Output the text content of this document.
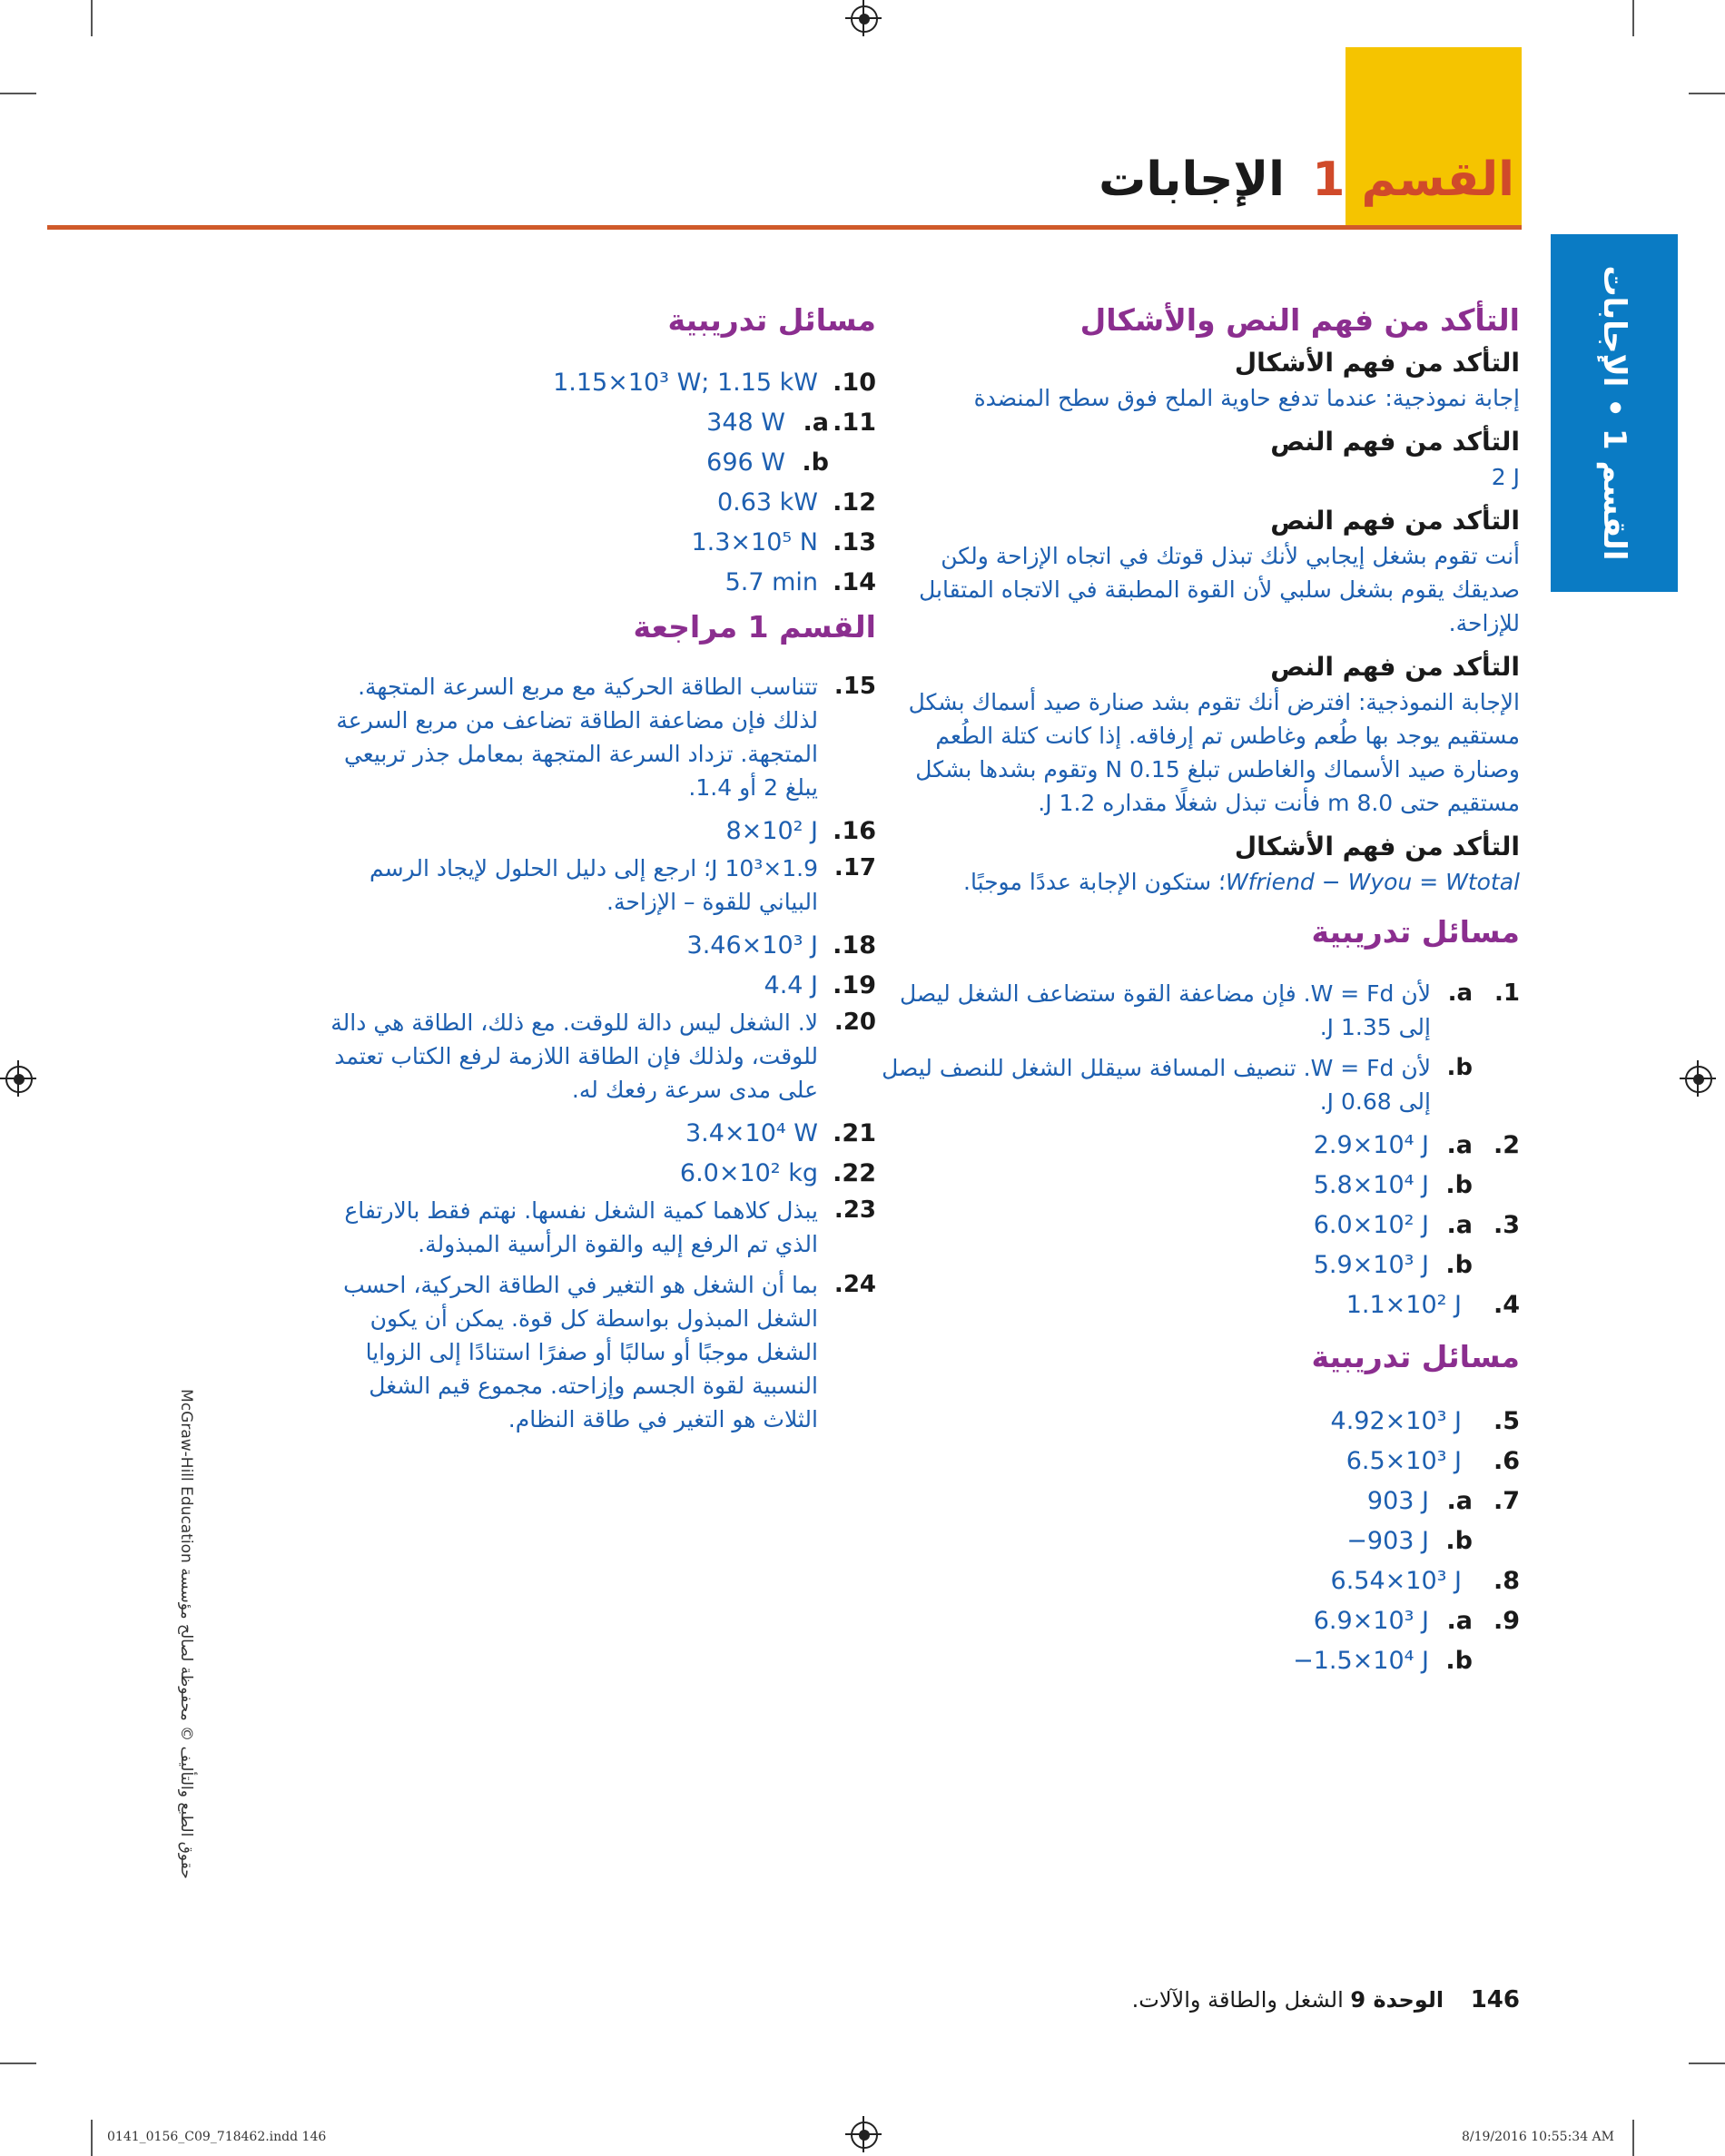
القسم 1
الإجابات
القسم 1 • الإجابات
التأكد من فهم النص والأشكال
التأكد من فهم الأشكال

إجابة نموذجية: عندما تدفع حاوية الملح فوق سطح المنضدة

التأكد من فهم النص

2 J

التأكد من فهم النص

أنت تقوم بشغل إيجابي لأنك تبذل قوتك في اتجاه الإزاحة ولكن صديقك يقوم بشغل سلبي لأن القوة المطبقة في الاتجاه المتقابل للإزاحة.

التأكد من فهم النص

الإجابة النموذجية: افترض أنك تقوم بشد صنارة صيد أسماك بشكل مستقيم يوجد بها طُعم وغاطس تم إرفاقه. إذا كانت كتلة الطُعم وصنارة صيد الأسماك والغاطس تبلغ 0.15 N وتقوم بشدها بشكل مستقيم حتى 8.0 m فأنت تبذل شغلًا مقداره 1.2 J.

التأكد من فهم الأشكال

Wfriend − Wyou = Wtotal؛ ستكون الإجابة عددًا موجبًا.

مسائل تدريبية
1.
a.
لأن W = Fd. فإن مضاعفة القوة ستضاعف الشغل ليصل إلى 1.35 J.
b.
لأن W = Fd. تنصيف المسافة سيقلل الشغل للنصف ليصل إلى 0.68 J.
2.
a.
2.9×10⁴ J
b.
5.8×10⁴ J
3.
a.
6.0×10² J
b.
5.9×10³ J
4.
1.1×10² J
مسائل تدريبية
5.
4.92×10³ J
6.
6.5×10³ J
7.
a.
903 J
b.
−903 J
8.
6.54×10³ J
9.
a.
6.9×10³ J
b.
−1.5×10⁴ J
مسائل تدريبية
10.
1.15×10³ W; 1.15 kW
11.
a.
348 W
b.
696 W
12.
0.63 kW
13.
1.3×10⁵ N
14.
5.7 min
القسم 1 مراجعة
15.
تتناسب الطاقة الحركية مع مربع السرعة المتجهة. لذلك فإن مضاعفة الطاقة تضاعف من مربع السرعة المتجهة. تزداد السرعة المتجهة بمعامل جذر تربيعي يبلغ 2 أو 1.4.
16.
8×10² J
17.
1.9×10³ J؛ ارجع إلى دليل الحلول لإيجاد الرسم البياني للقوة – الإزاحة.
18.
3.46×10³ J
19.
4.4 J
20.
لا. الشغل ليس دالة للوقت. مع ذلك، الطاقة هي دالة للوقت، ولذلك فإن الطاقة اللازمة لرفع الكتاب تعتمد على مدى سرعة رفعك له.
21.
3.4×10⁴ W
22.
6.0×10² kg
23.
يبذل كلاهما كمية الشغل نفسها. نهتم فقط بالارتفاع الذي تم الرفع إليه والقوة الرأسية المبذولة.
24.
بما أن الشغل هو التغير في الطاقة الحركية، احسب الشغل المبذول بواسطة كل قوة. يمكن أن يكون الشغل موجبًا أو سالبًا أو صفرًا استنادًا إلى الزوايا النسبية لقوة الجسم وإزاحته. مجموع قيم الشغل الثلاث هو التغير في طاقة النظام.
حقوق الطبع والتأليف © محفوظة لصالح مؤسسة McGraw-Hill Education
146 الوحدة 9 الشغل والطاقة والآلات.
0141_0156_C09_718462.indd 146	8/19/2016 10:55:34 AM
